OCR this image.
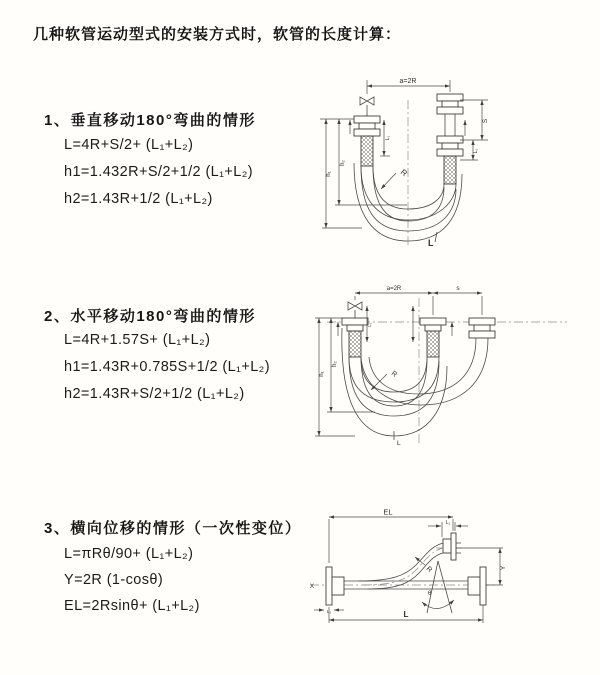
几种软管运动型式的安装方式时，软管的长度计算：
1、垂直移动180°弯曲的情形
L=4R+S/2+ (L₁+L₂)
h1=1.432R+S/2+1/2 (L₁+L₂)
h2=1.43R+1/2 (L₁+L₂)
2、水平移动180°弯曲的情形
L=4R+1.57S+ (L₁+L₂)
h1=1.43R+0.785S+1/2 (L₁+L₂)
h2=1.43R+S/2+1/2 (L₁+L₂)
3、横向位移的情形（一次性变位）
L=πRθ/90+ (L₁+L₂)
Y=2R (1-cosθ)
EL=2Rsinθ+ (L₁+L₂)
a=2R
h₁
h₂
S
L₁
L₁
R
L
a=2R	s
L₁
h₁
h₂
R
L
X
EL
L₁
Y
θ
R
L₁	L
